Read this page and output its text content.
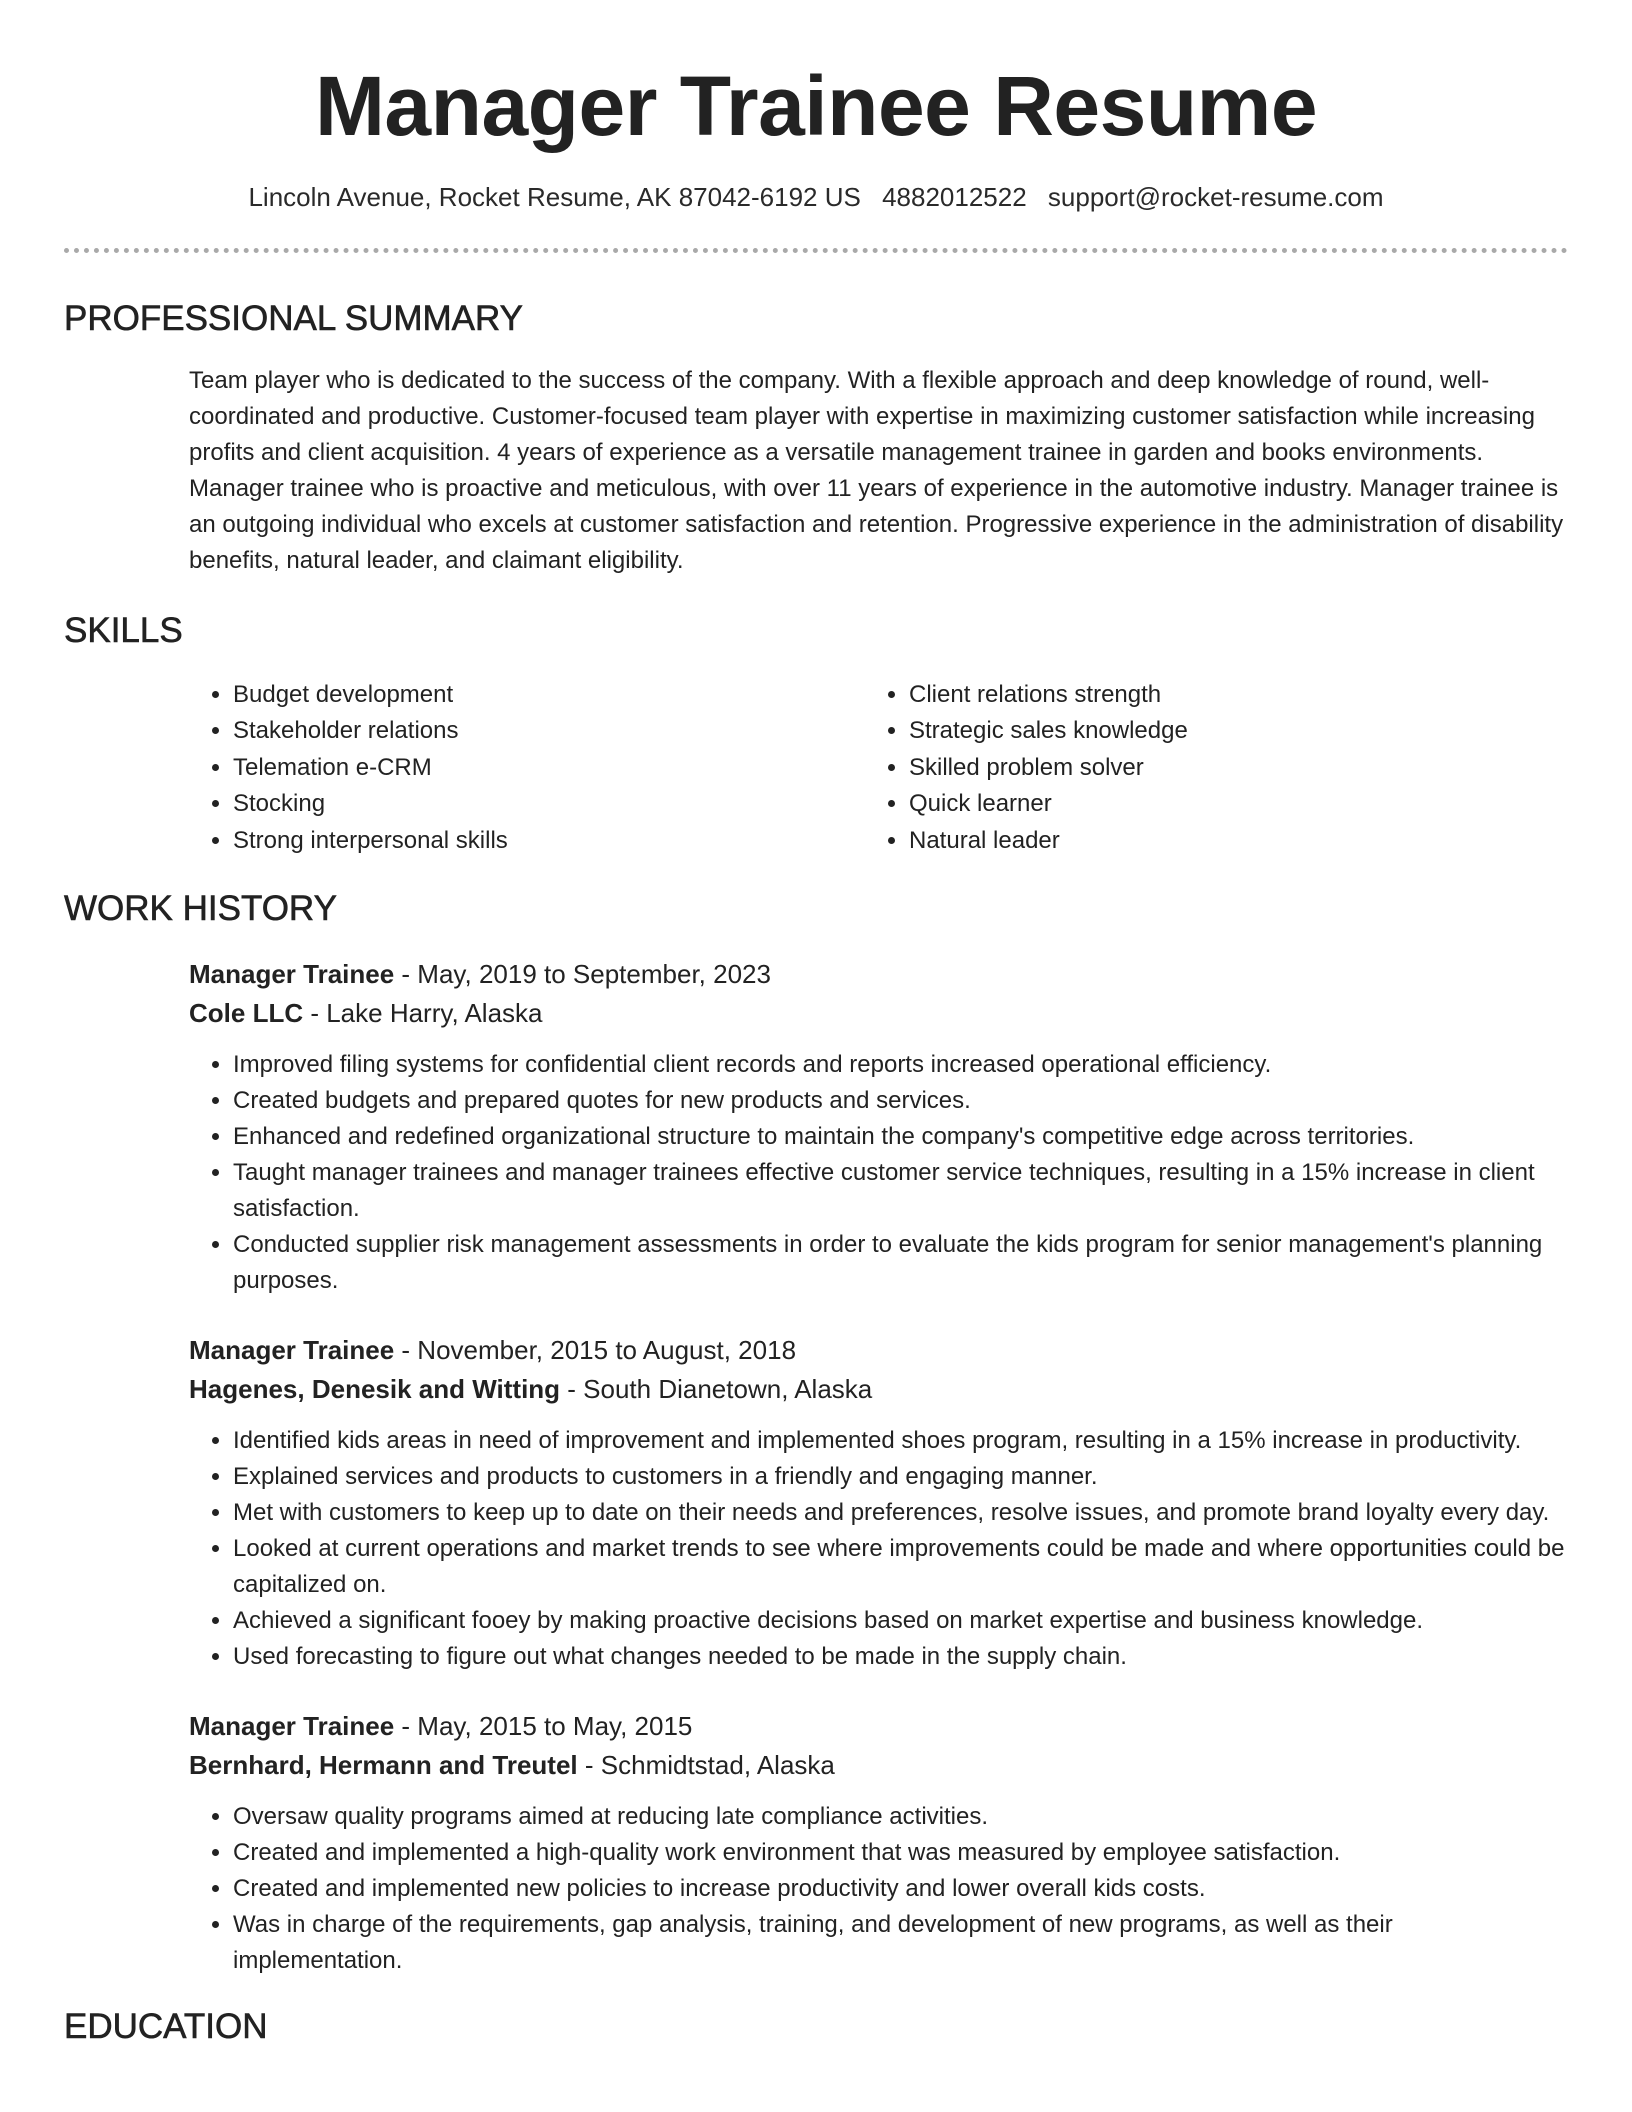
Manager Trainee Resume
Lincoln Avenue, Rocket Resume, AK 87042-6192 US 4882012522 support@rocket-resume.com
PROFESSIONAL SUMMARY

Team player who is dedicated to the success of the company. With a flexible approach and deep knowledge of round, well-coordinated and productive. Customer-focused team player with expertise in maximizing customer satisfaction while increasing profits and client acquisition. 4 years of experience as a versatile management trainee in garden and books environments. Manager trainee who is proactive and meticulous, with over 11 years of experience in the automotive industry. Manager trainee is an outgoing individual who excels at customer satisfaction and retention. Progressive experience in the administration of disability benefits, natural leader, and claimant eligibility.

SKILLS
• Budget development
• Stakeholder relations
• Telemation e-CRM
• Stocking
• Strong interpersonal skills
• Client relations strength
• Strategic sales knowledge
• Skilled problem solver
• Quick learner
• Natural leader
WORK HISTORY
Manager Trainee - May, 2019 to September, 2023
Cole LLC - Lake Harry, Alaska
• Improved filing systems for confidential client records and reports increased operational efficiency.
• Created budgets and prepared quotes for new products and services.
• Enhanced and redefined organizational structure to maintain the company's competitive edge across territories.
• Taught manager trainees and manager trainees effective customer service techniques, resulting in a 15% increase in client satisfaction.
• Conducted supplier risk management assessments in order to evaluate the kids program for senior management's planning purposes.
Manager Trainee - November, 2015 to August, 2018
Hagenes, Denesik and Witting - South Dianetown, Alaska
• Identified kids areas in need of improvement and implemented shoes program, resulting in a 15% increase in productivity.
• Explained services and products to customers in a friendly and engaging manner.
• Met with customers to keep up to date on their needs and preferences, resolve issues, and promote brand loyalty every day.
• Looked at current operations and market trends to see where improvements could be made and where opportunities could be capitalized on.
• Achieved a significant fooey by making proactive decisions based on market expertise and business knowledge.
• Used forecasting to figure out what changes needed to be made in the supply chain.
Manager Trainee - May, 2015 to May, 2015
Bernhard, Hermann and Treutel - Schmidtstad, Alaska
• Oversaw quality programs aimed at reducing late compliance activities.
• Created and implemented a high-quality work environment that was measured by employee satisfaction.
• Created and implemented new policies to increase productivity and lower overall kids costs.
• Was in charge of the requirements, gap analysis, training, and development of new programs, as well as their implementation.
EDUCATION
